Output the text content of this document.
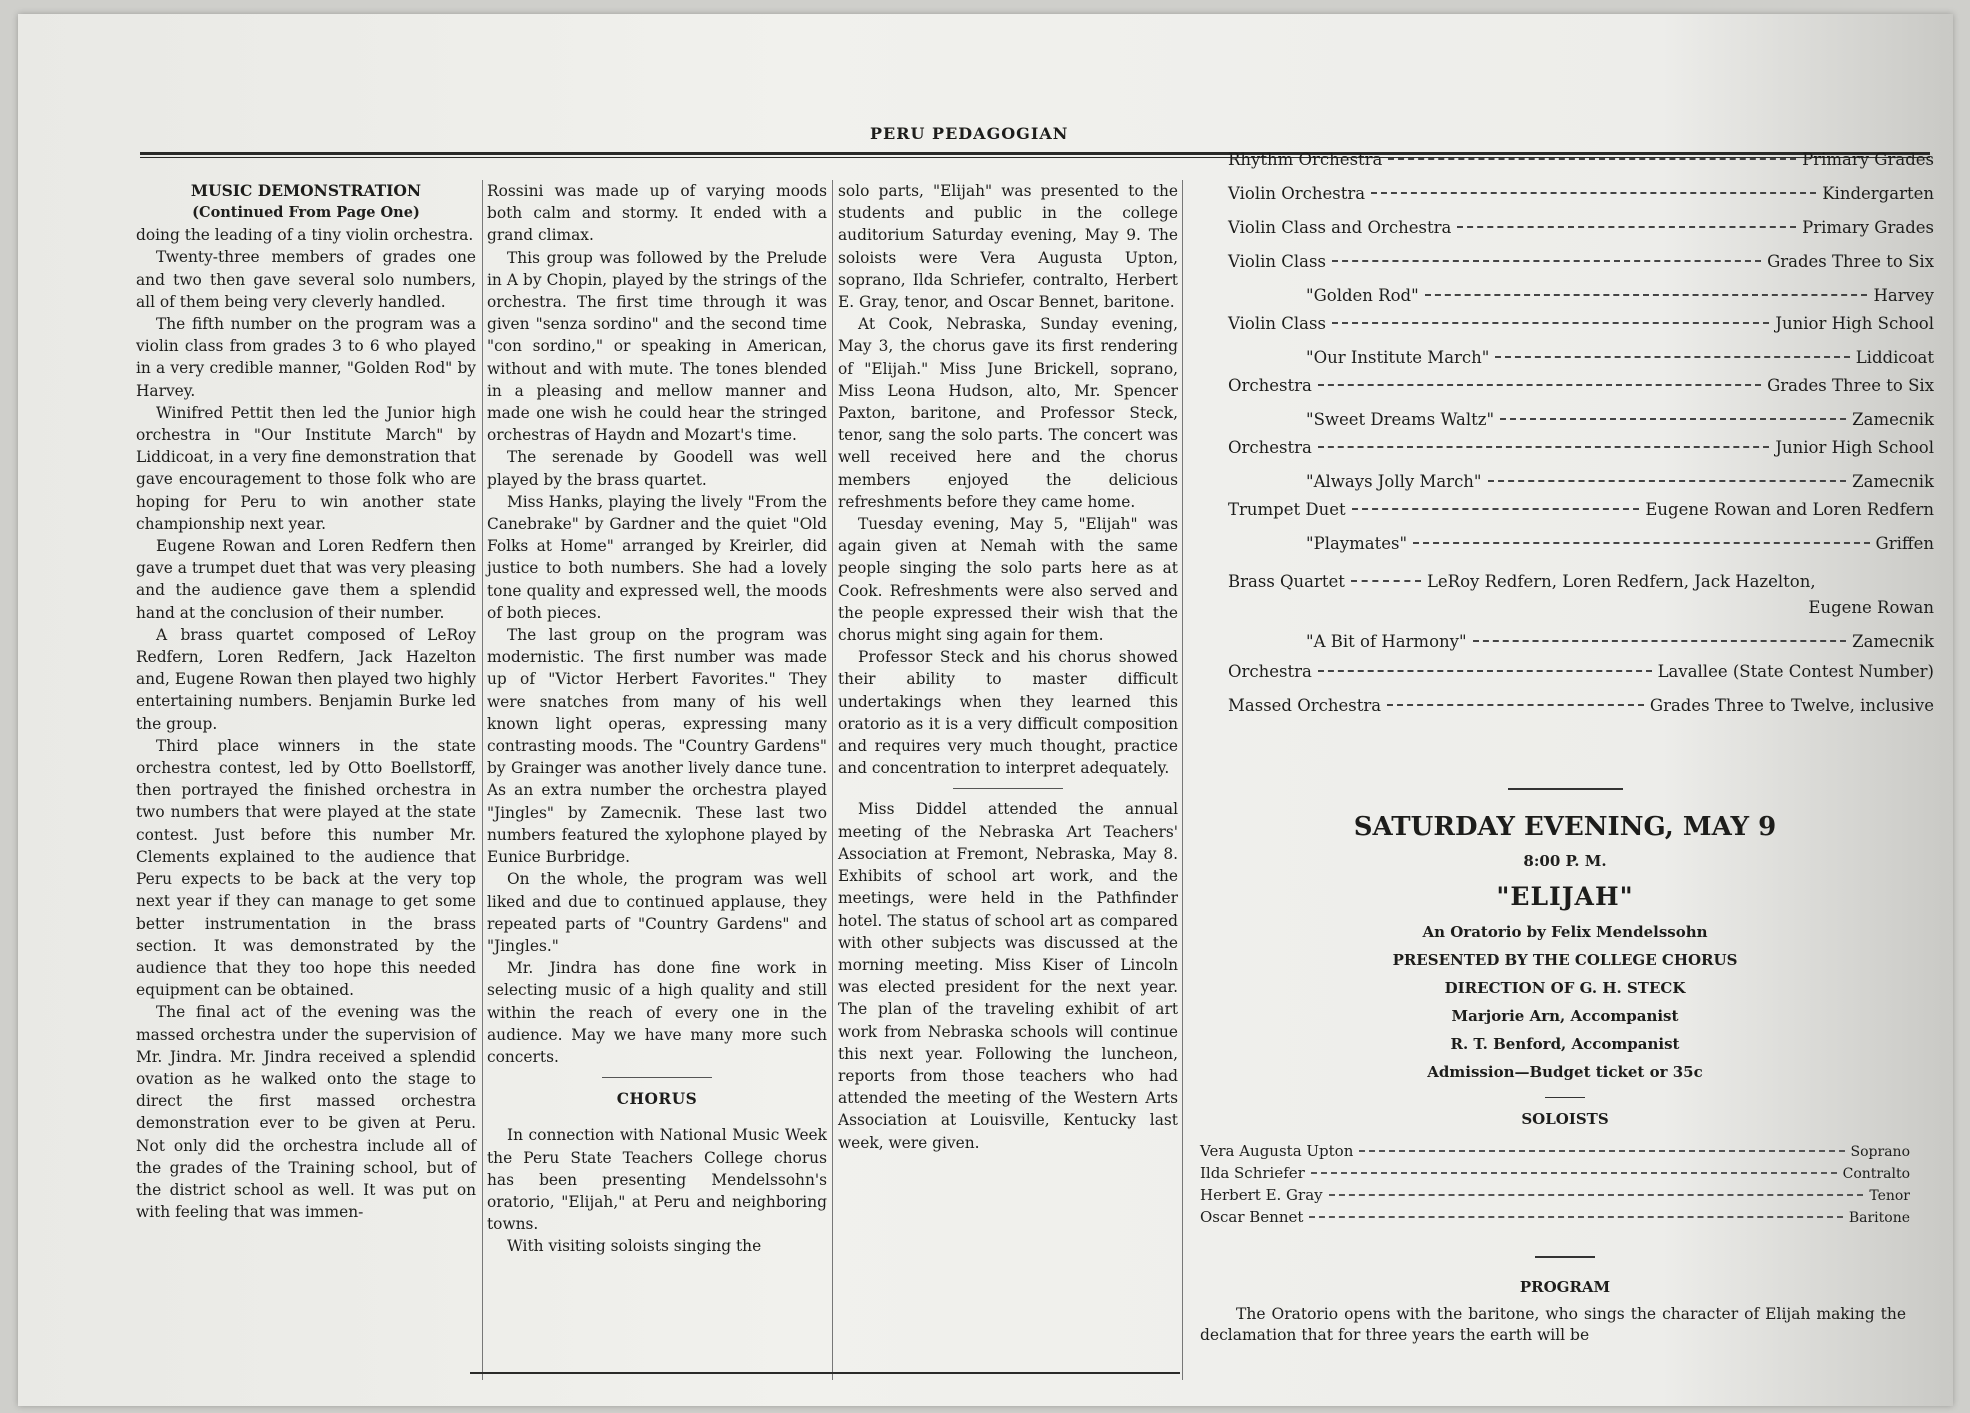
PERU PEDAGOGIAN
MUSIC DEMONSTRATION
(Continued From Page One)

doing the leading of a tiny violin orchestra.

Twenty-three members of grades one and two then gave several solo numbers, all of them being very cleverly handled.

The fifth number on the program was a violin class from grades 3 to 6 who played in a very credible manner, "Golden Rod" by Harvey.

Winifred Pettit then led the Junior high orchestra in "Our Institute March" by Liddicoat, in a very fine demonstration that gave encouragement to those folk who are hoping for Peru to win another state championship next year.

Eugene Rowan and Loren Redfern then gave a trumpet duet that was very pleasing and the audience gave them a splendid hand at the conclusion of their number.

A brass quartet composed of LeRoy Redfern, Loren Redfern, Jack Hazelton and, Eugene Rowan then played two highly entertaining numbers. Benjamin Burke led the group.

Third place winners in the state orchestra contest, led by Otto Boellstorff, then portrayed the finished orchestra in two numbers that were played at the state contest. Just before this number Mr. Clements explained to the audience that Peru expects to be back at the very top next year if they can manage to get some better instrumentation in the brass section. It was demonstrated by the audience that they too hope this needed equipment can be obtained.

The final act of the evening was the massed orchestra under the supervision of Mr. Jindra. Mr. Jindra received a splendid ovation as he walked onto the stage to direct the first massed orchestra demonstration ever to be given at Peru. Not only did the orchestra include all of the grades of the Training school, but of the district school as well. It was put on with feeling that was immen-

Rossini was made up of varying moods both calm and stormy. It ended with a grand climax.

This group was followed by the Prelude in A by Chopin, played by the strings of the orchestra. The first time through it was given "senza sordino" and the second time "con sordino," or speaking in American, without and with mute. The tones blended in a pleasing and mellow manner and made one wish he could hear the stringed orchestras of Haydn and Mozart's time.

The serenade by Goodell was well played by the brass quartet.

Miss Hanks, playing the lively "From the Canebrake" by Gardner and the quiet "Old Folks at Home" arranged by Kreirler, did justice to both numbers. She had a lovely tone quality and expressed well, the moods of both pieces.

The last group on the program was modernistic. The first number was made up of "Victor Herbert Favorites." They were snatches from many of his well known light operas, expressing many contrasting moods. The "Country Gardens" by Grainger was another lively dance tune. As an extra number the orchestra played "Jingles" by Zamecnik. These last two numbers featured the xylophone played by Eunice Burbridge.

On the whole, the program was well liked and due to continued applause, they repeated parts of "Country Gardens" and "Jingles."

Mr. Jindra has done fine work in selecting music of a high quality and still within the reach of every one in the audience. May we have many more such concerts.

CHORUS

In connection with National Music Week the Peru State Teachers College chorus has been presenting Mendelssohn's oratorio, "Elijah," at Peru and neighboring towns.

With visiting soloists singing the

solo parts, "Elijah" was presented to the students and public in the college auditorium Saturday evening, May 9. The soloists were Vera Augusta Upton, soprano, Ilda Schriefer, contralto, Herbert E. Gray, tenor, and Oscar Bennet, baritone.

At Cook, Nebraska, Sunday evening, May 3, the chorus gave its first rendering of "Elijah." Miss June Brickell, soprano, Miss Leona Hudson, alto, Mr. Spencer Paxton, baritone, and Professor Steck, tenor, sang the solo parts. The concert was well received here and the chorus members enjoyed the delicious refreshments before they came home.

Tuesday evening, May 5, "Elijah" was again given at Nemah with the same people singing the solo parts here as at Cook. Refreshments were also served and the people expressed their wish that the chorus might sing again for them.

Professor Steck and his chorus showed their ability to master difficult undertakings when they learned this oratorio as it is a very difficult composition and requires very much thought, practice and concentration to interpret adequately.

Miss Diddel attended the annual meeting of the Nebraska Art Teachers' Association at Fremont, Nebraska, May 8. Exhibits of school art work, and the meetings, were held in the Pathfinder hotel. The status of school art as compared with other subjects was discussed at the morning meeting. Miss Kiser of Lincoln was elected president for the next year. The plan of the traveling exhibit of art work from Nebraska schools will continue this next year. Following the luncheon, reports from those teachers who had attended the meeting of the Western Arts Association at Louisville, Kentucky last week, were given.

Rhythm Orchestra	Primary Grades
Violin Orchestra	Kindergarten
Violin Class and Orchestra	Primary Grades
Violin Class	Grades Three to Six
"Golden Rod"	Harvey
Violin Class	Junior High School
"Our Institute March"	Liddicoat
Orchestra	Grades Three to Six
"Sweet Dreams Waltz"	Zamecnik
Orchestra	Junior High School
"Always Jolly March"	Zamecnik
Trumpet Duet	Eugene Rowan and Loren Redfern
"Playmates"	Griffen
Brass Quartet	LeRoy Redfern, Loren Redfern, Jack Hazelton,
Eugene Rowan
"A Bit of Harmony"	Zamecnik
Orchestra	Lavallee (State Contest Number)
Massed Orchestra	Grades Three to Twelve, inclusive
SATURDAY EVENING, MAY 9
8:00 P. M.
"ELIJAH"
An Oratorio by Felix Mendelssohn
PRESENTED BY THE COLLEGE CHORUS
DIRECTION OF G. H. STECK
Marjorie Arn, Accompanist
R. T. Benford, Accompanist
Admission—Budget ticket or 35c
SOLOISTS
Vera Augusta Upton	Soprano
Ilda Schriefer	Contralto
Herbert E. Gray	Tenor
Oscar Bennet	Baritone
PROGRAM
The Oratorio opens with the baritone, who sings the character of Elijah making the declamation that for three years the earth will be
